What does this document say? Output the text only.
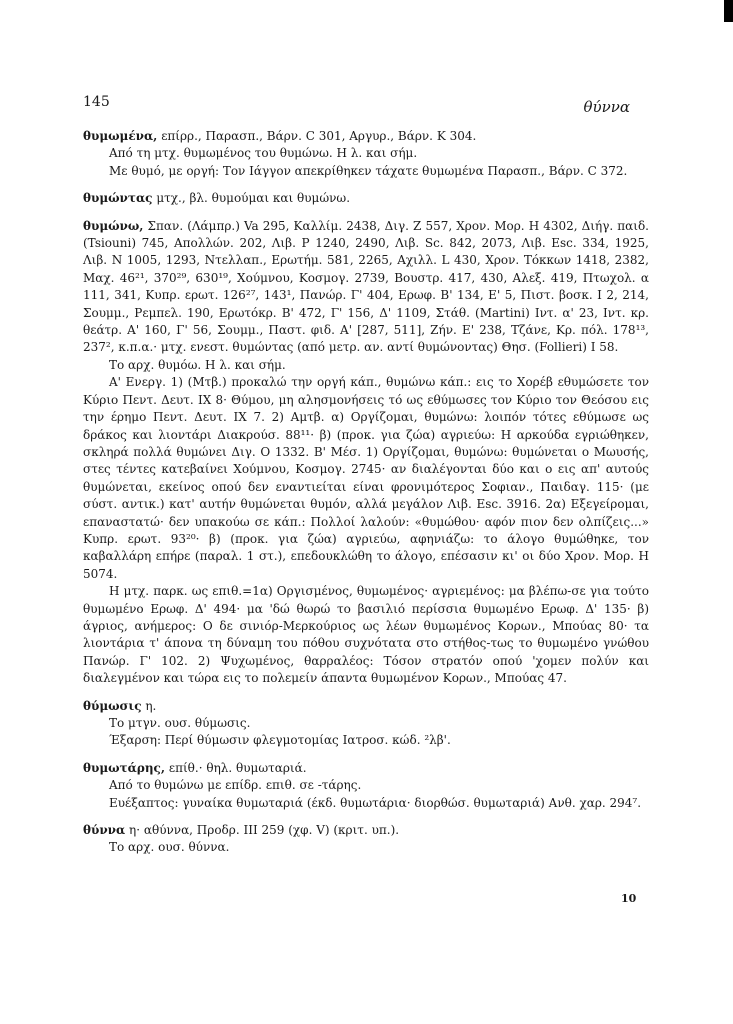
145	θύννα

θυμωμένα, επίρρ., Παρασπ., Βάρν. C 301, Αργυρ., Βάρν. Κ 304.

Από τη μτχ. θυμωμένος του θυμώνω. Η λ. και σήμ.

Με θυμό, με οργή: Τον Ιάγγον απεκρίθηκεν τάχατε θυμωμένα Παρασπ., Βάρν. C 372.

θυμώντας μτχ., βλ. θυμούμαι και θυμώνω.

θυμώνω, Σπαν. (Λάμπρ.) Va 295, Καλλίμ. 2438, Διγ. Ζ 557, Χρον. Μορ. Η 4302, Διήγ. παιδ. (Tsiouni) 745, Απολλών. 202, Λιβ. P 1240, 2490, Λιβ. Sc. 842, 2073, Λιβ. Esc. 334, 1925, Λιβ. Ν 1005, 1293, Ντελλαπ., Ερωτήμ. 581, 2265, Αχιλλ. L 430, Χρον. Τόκκων 1418, 2382, Μαχ. 46²¹, 370²⁹, 630¹⁹, Χούμνου, Κοσμογ. 2739, Βουστρ. 417, 430, Αλεξ. 419, Πτωχολ. α 111, 341, Κυπρ. ερωτ. 126²⁷, 143¹, Πανώρ. Γ' 404, Ερωφ. Β' 134, Ε' 5, Πιστ. βοσκ. Ι 2, 214, Σουμμ., Ρεμπελ. 190, Ερωτόκρ. Β' 472, Γ' 156, Δ' 1109, Στάθ. (Martini) Ιντ. α' 23, Ιντ. κρ. θεάτρ. Α' 160, Γ' 56, Σουμμ., Παστ. φιδ. Α' [287, 511], Ζήν. Ε' 238, Τζάνε, Κρ. πόλ. 178¹³, 237², κ.π.α.· μτχ. ενεστ. θυμώντας (από μετρ. αν. αντί θυμώνοντας) Θησ. (Follieri) Ι 58.

Το αρχ. θυμόω. Η λ. και σήμ.

Α' Ενεργ. 1) (Μτβ.) προκαλώ την οργή κάπ., θυμώνω κάπ.: εις το Χορέβ εθυμώσετε τον Κύριο Πεντ. Δευτ. ΙΧ 8· Θύμου, μη αλησμονήσεις τό ως εθύμωσες τον Κύριο τον Θεόσου εις την έρημο Πεντ. Δευτ. ΙΧ 7. 2) Αμτβ. α) Οργίζομαι, θυμώνω: λοιπόν τότες εθύμωσε ως δράκος και λιοντάρι Διακρούσ. 88¹¹· β) (προκ. για ζώα) αγριεύω: Η αρκούδα εγριώθηκεν, σκληρά πολλά θυμώνει Διγ. Ο 1332. Β' Μέσ. 1) Οργίζομαι, θυμώνω: θυμώνεται ο Μωυσής, στες τέντες κατεβαίνει Χούμνου, Κοσμογ. 2745· αν διαλέγονται δύο και ο εις απ' αυτούς θυμώνεται, εκείνος οπού δεν εναντιείται είναι φρονιμότερος Σοφιαν., Παιδαγ. 115· (με σύστ. αντικ.) κατ' αυτήν θυμώνεται θυμόν, αλλά μεγάλον Λιβ. Esc. 3916. 2α) Εξεγείρομαι, επαναστατώ· δεν υπακούω σε κάπ.: Πολλοί λαλούν: «θυμώθου· αφόν πιον δεν ολπίζεις...» Κυπρ. ερωτ. 93²⁰· β) (προκ. για ζώα) αγριεύω, αφηνιάζω: το άλογο θυμώθηκε, τον καβαλλάρη επήρε (παραλ. 1 στ.), επεδουκλώθη το άλογο, επέσασιν κι' οι δύο Χρον. Μορ. Η 5074.

Η μτχ. παρκ. ως επιθ.=1α) Οργισμένος, θυμωμένος· αγριεμένος: μα βλέπω-σε για τούτο θυμωμένο Ερωφ. Δ' 494· μα 'δώ θωρώ το βασιλιό περίσσια θυμωμένο Ερωφ. Δ' 135· β) άγριος, ανήμερος: Ο δε σινιόρ-Μερκούριος ως λέων θυμωμένος Κορων., Μπούας 80· τα λιοντάρια τ' άπονα τη δύναμη του πόθου συχνότατα στο στήθος-τως το θυμωμένο γνώθου Πανώρ. Γ' 102. 2) Ψυχωμένος, θαρραλέος: Τόσον στρατόν οπού 'χομεν πολύν και διαλεγμένον και τώρα εις το πολεμείν άπαντα θυμωμένον Κορων., Μπούας 47.

θύμωσις η.

Το μτγν. ουσ. θύμωσις.

Έξαρση: Περί θύμωσιν φλεγμοτομίας Ιατροσ. κώδ. ²λβ'.

θυμωτάρης, επίθ.· θηλ. θυμωταριά.

Από το θυμώνω με επίδρ. επιθ. σε -τάρης.

Ευέξαπτος: γυναίκα θυμωταριά (έκδ. θυμωτάρια· διορθώσ. θυμωταριά) Ανθ. χαρ. 294⁷.

θύννα η· αθύννα, Προδρ. ΙΙΙ 259 (χφ. V) (κριτ. υπ.).

Το αρχ. ουσ. θύννα.

10
